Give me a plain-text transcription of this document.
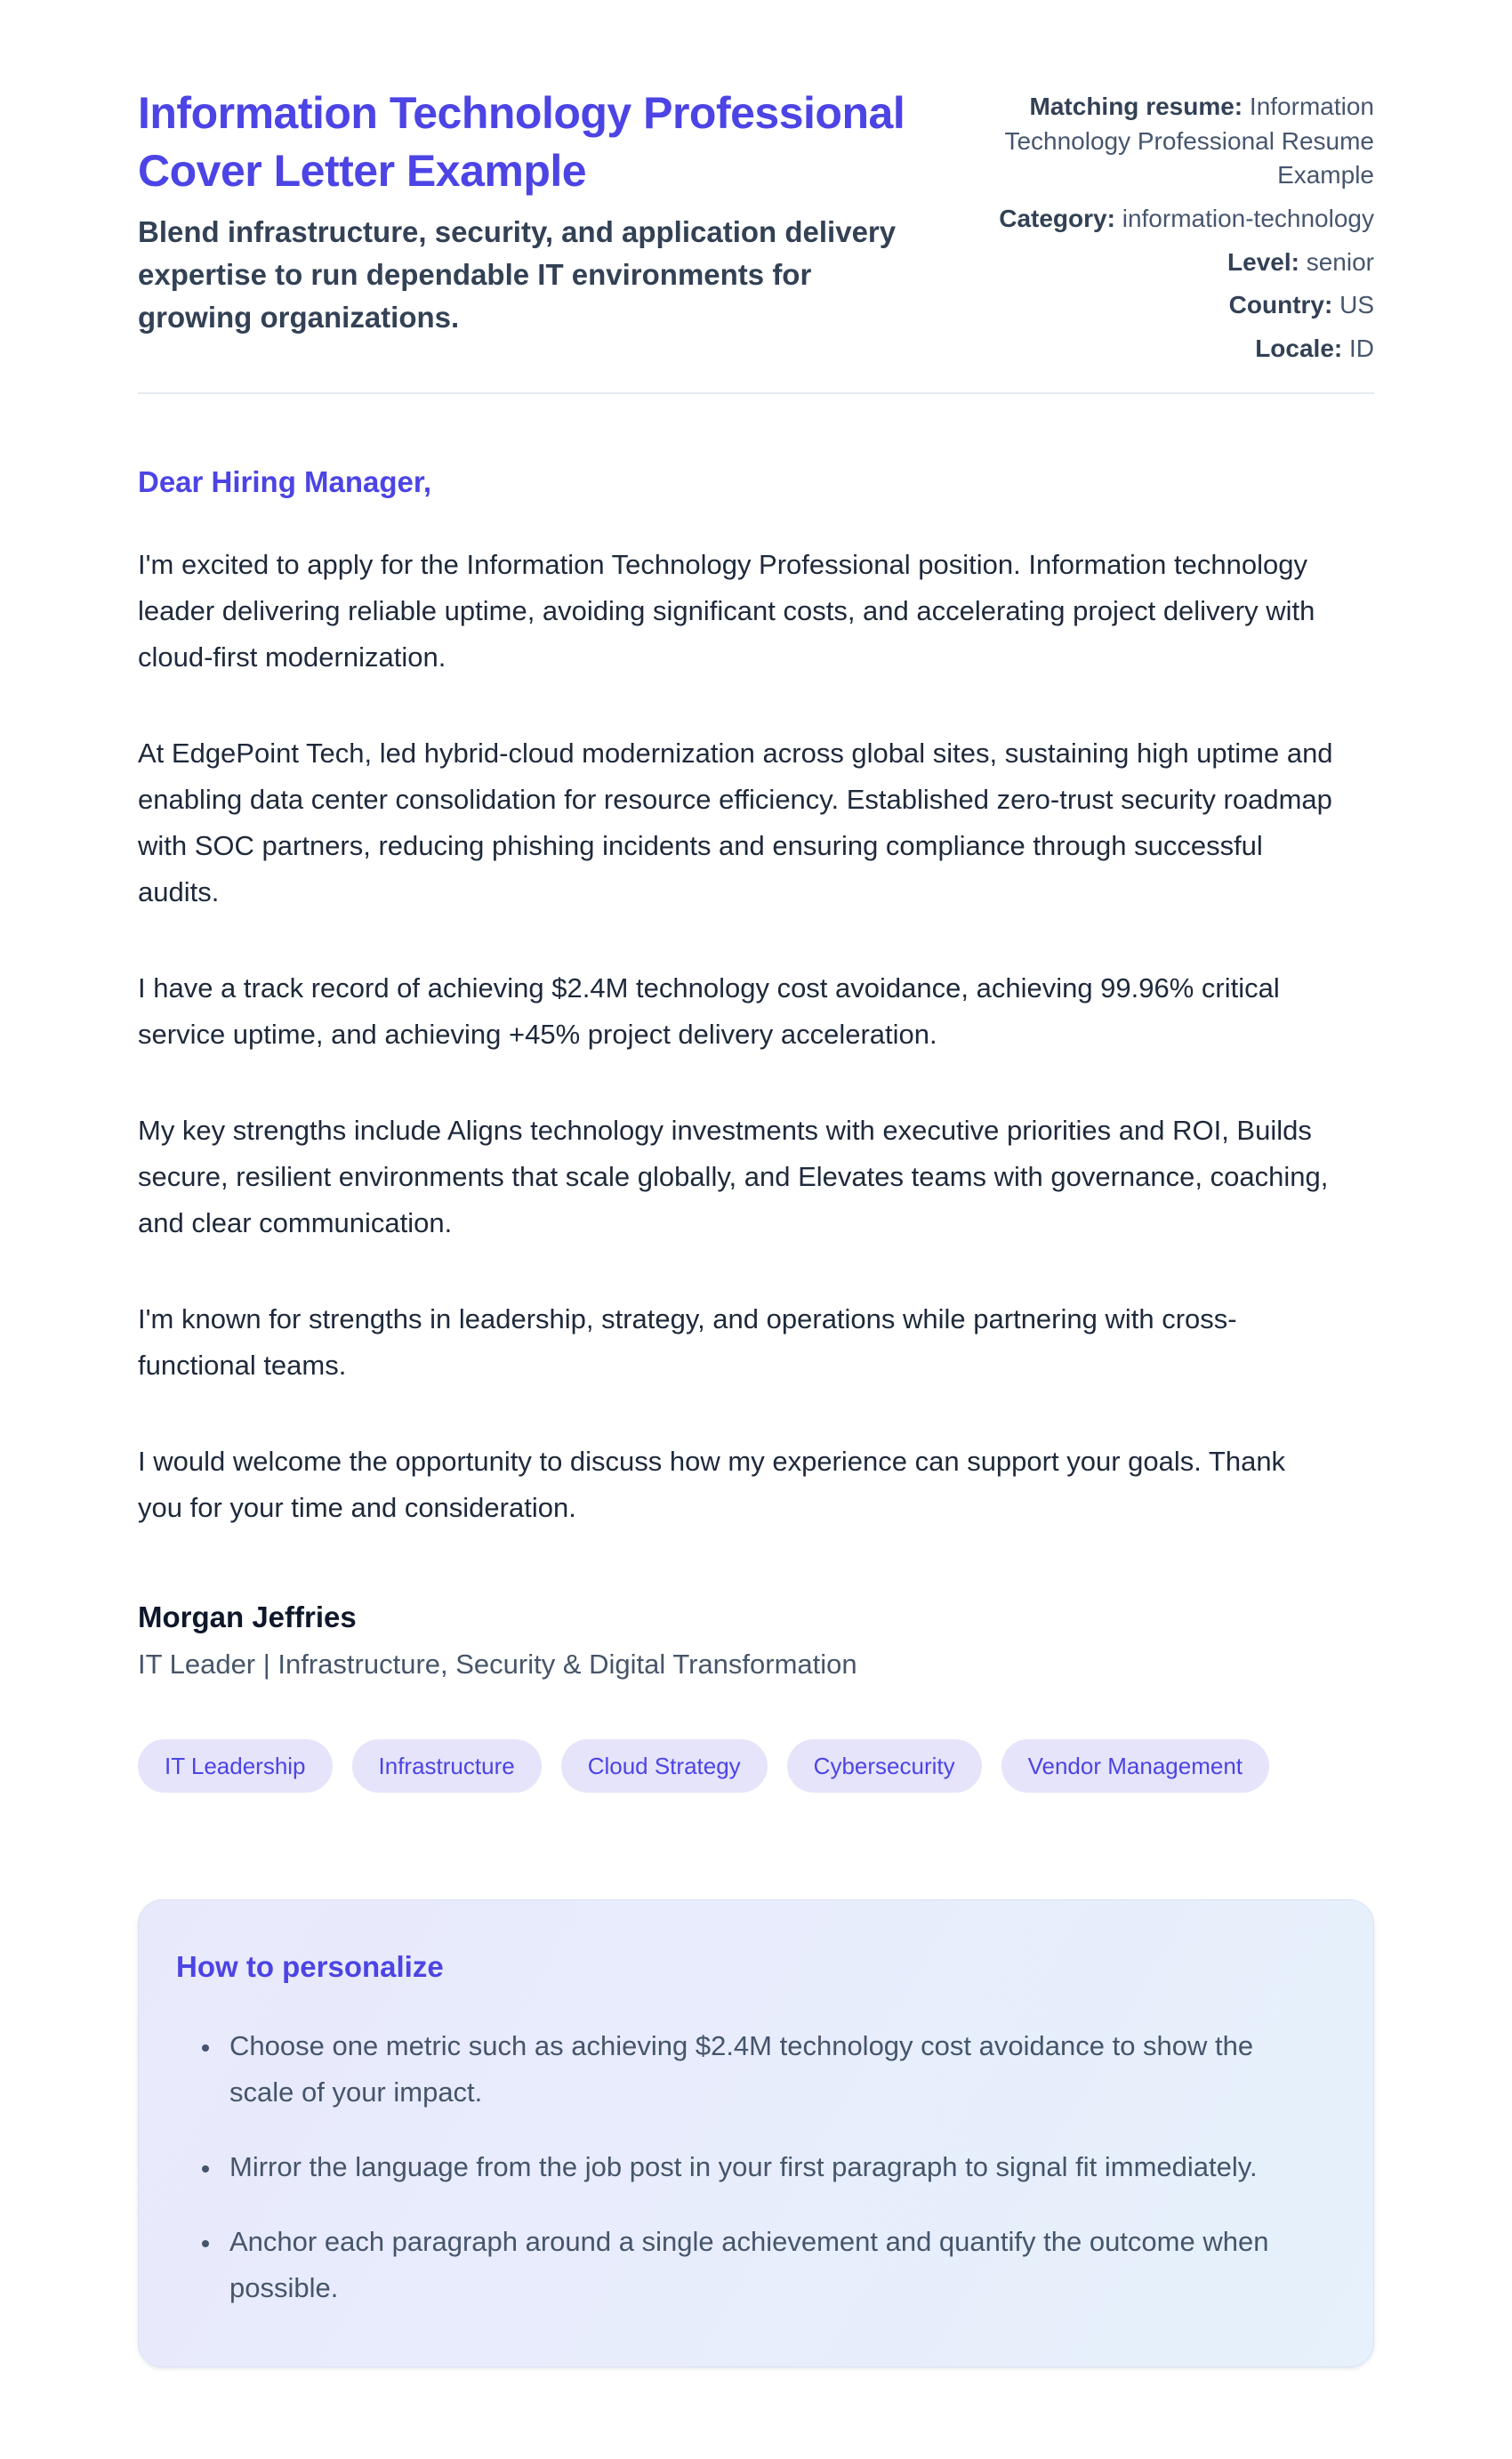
Information Technology Professional Cover Letter Example

Blend infrastructure, security, and application delivery expertise to run dependable IT environments for growing organizations.

Matching resume: Information Technology Professional Resume Example
Category: information-technology
Level: senior
Country: US
Locale: ID

Dear Hiring Manager,

I'm excited to apply for the Information Technology Professional position. Information technology leader delivering reliable uptime, avoiding significant costs, and accelerating project delivery with cloud-first modernization.

At EdgePoint Tech, led hybrid-cloud modernization across global sites, sustaining high uptime and enabling data center consolidation for resource efficiency. Established zero-trust security roadmap with SOC partners, reducing phishing incidents and ensuring compliance through successful audits.

I have a track record of achieving $2.4M technology cost avoidance, achieving 99.96% critical service uptime, and achieving +45% project delivery acceleration.

My key strengths include Aligns technology investments with executive priorities and ROI, Builds secure, resilient environments that scale globally, and Elevates teams with governance, coaching, and clear communication.

I'm known for strengths in leadership, strategy, and operations while partnering with cross-functional teams.

I would welcome the opportunity to discuss how my experience can support your goals. Thank you for your time and consideration.

Morgan Jeffries

IT Leader | Infrastructure, Security & Digital Transformation

IT Leadership	Infrastructure	Cloud Strategy	Cybersecurity	Vendor Management
How to personalize
• Choose one metric such as achieving $2.4M technology cost avoidance to show the scale of your impact.
• Mirror the language from the job post in your first paragraph to signal fit immediately.
• Anchor each paragraph around a single achievement and quantify the outcome when possible.
